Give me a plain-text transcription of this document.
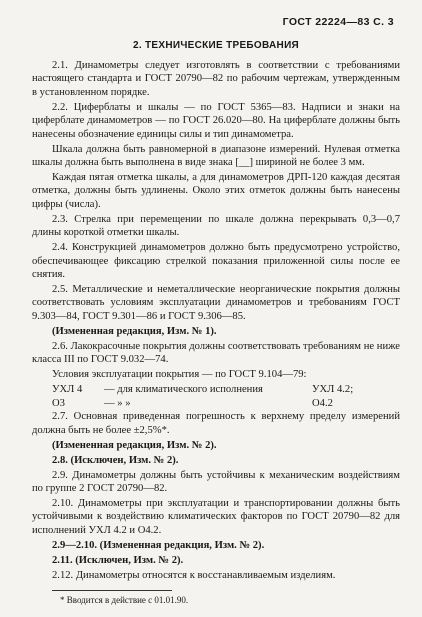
ГОСТ 22224—83 С. 3
2. ТЕХНИЧЕСКИЕ ТРЕБОВАНИЯ

2.1. Динамометры следует изготовлять в соответствии с требованиями настоящего стандарта и ГОСТ 20790—82 по рабочим чертежам, утвержденным в установленном порядке.

2.2. Циферблаты и шкалы — по ГОСТ 5365—83. Надписи и знаки на циферблате динамометров — по ГОСТ 26.020—80. На циферблате должны быть нанесены обозначение единицы силы и тип динамометра.

Шкала должна быть равномерной в диапазоне измерений. Нулевая отметка шкалы должна быть выполнена в виде знака [__] шириной не более 3 мм.

Каждая пятая отметка шкалы, а для динамометров ДРП-120 каждая десятая отметка, должны быть удлинены. Около этих отметок должны быть нанесены цифры (числа).

2.3. Стрелка при перемещении по шкале должна перекрывать 0,3—0,7 длины короткой отметки шкалы.

2.4. Конструкцией динамометров должно быть предусмотрено устройство, обеспечивающее фиксацию стрелкой показания приложенной силы после ее снятия.

2.5. Металлические и неметаллические неорганические покрытия должны соответствовать условиям эксплуатации динамометров и требованиям ГОСТ 9.303—84, ГОСТ 9.301—86 и ГОСТ 9.306—85.

(Измененная редакция, Изм. № 1).

2.6. Лакокрасочные покрытия должны соответствовать требованиям не ниже класса III по ГОСТ 9.032—74.

Условия эксплуатации покрытия — по ГОСТ 9.104—79:

УХЛ 4	— для климатического исполнения	УХЛ 4.2;
О3	— » »	О4.2

2.7. Основная приведенная погрешность к верхнему пределу измерений должна быть не более ±2,5%*.

(Измененная редакция, Изм. № 2).

2.8. (Исключен, Изм. № 2).

2.9. Динамометры должны быть устойчивы к механическим воздействиям по группе 2 ГОСТ 20790—82.

2.10. Динамометры при эксплуатации и транспортировании должны быть устойчивыми к воздействию климатических факторов по ГОСТ 20790—82 для исполнений УХЛ 4.2 и О4.2.

2.9—2.10. (Измененная редакция, Изм. № 2).

2.11. (Исключен, Изм. № 2).

2.12. Динамометры относятся к восстанавливаемым изделиям.

* Вводится в действие с 01.01.90.
